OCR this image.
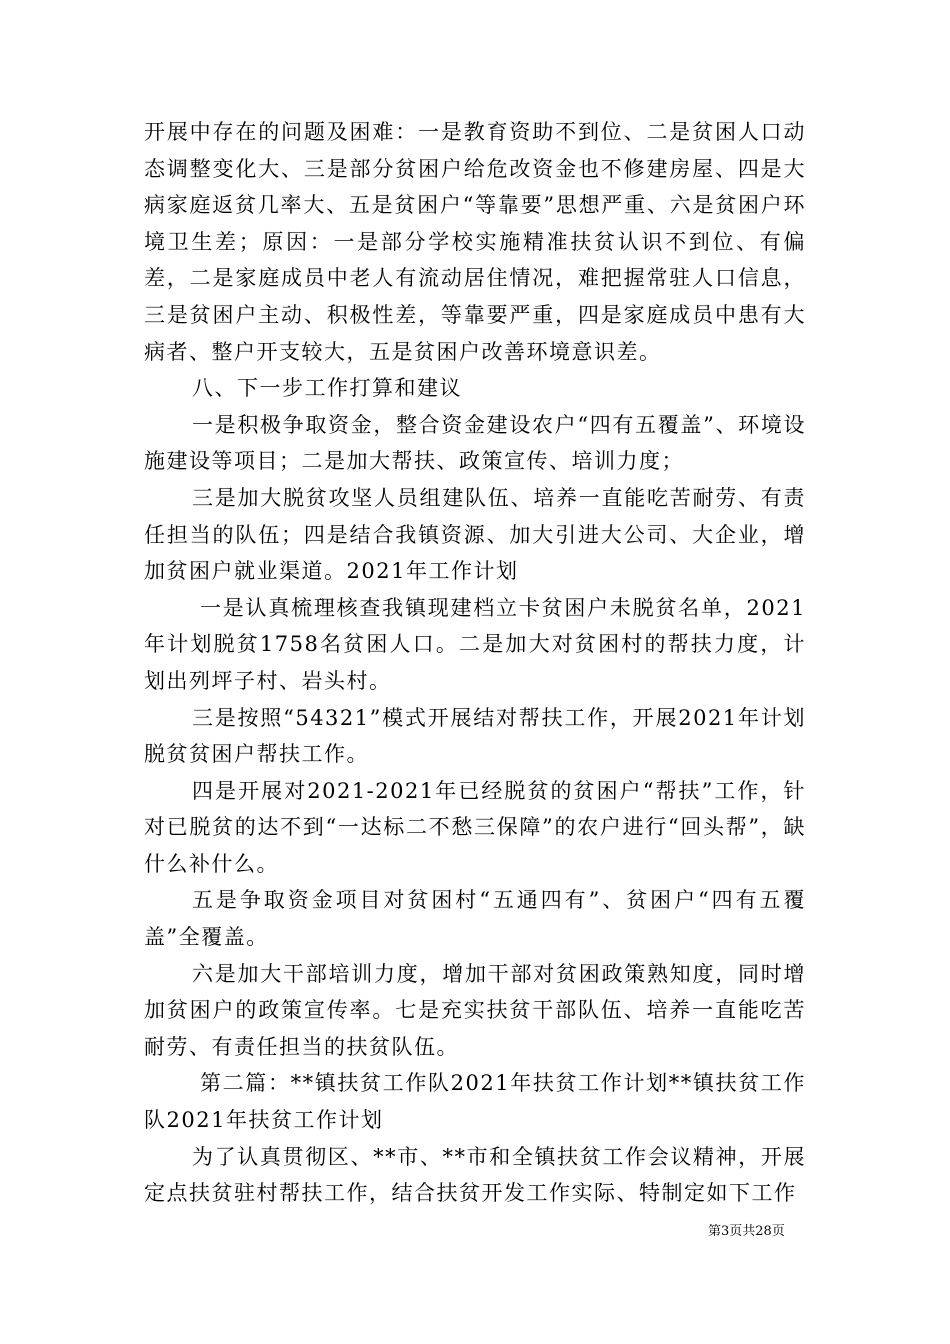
开展中存在的问题及困难：一是教育资助不到位、二是贫困人口动态调整变化大、三是部分贫困户给危改资金也不修建房屋、四是大病家庭返贫几率大、五是贫困户“等靠要”思想严重、六是贫困户环境卫生差；原因：一是部分学校实施精准扶贫认识不到位、有偏差，二是家庭成员中老人有流动居住情况，难把握常驻人口信息，三是贫困户主动、积极性差，等靠要严重，四是家庭成员中患有大病者、整户开支较大，五是贫困户改善环境意识差。

八、下一步工作打算和建议

一是积极争取资金，整合资金建设农户“四有五覆盖”、环境设施建设等项目；二是加大帮扶、政策宣传、培训力度；

三是加大脱贫攻坚人员组建队伍、培养一直能吃苦耐劳、有责任担当的队伍；四是结合我镇资源、加大引进大公司、大企业，增加贫困户就业渠道。2021年工作计划

一是认真梳理核查我镇现建档立卡贫困户未脱贫名单，2021年计划脱贫1758名贫困人口。二是加大对贫困村的帮扶力度，计划出列坪子村、岩头村。

三是按照“54321”模式开展结对帮扶工作，开展2021年计划脱贫贫困户帮扶工作。

四是开展对2021-2021年已经脱贫的贫困户“帮扶”工作，针对已脱贫的达不到“一达标二不愁三保障”的农户进行“回头帮”，缺什么补什么。

五是争取资金项目对贫困村“五通四有”、贫困户“四有五覆盖”全覆盖。

六是加大干部培训力度，增加干部对贫困政策熟知度，同时增加贫困户的政策宣传率。七是充实扶贫干部队伍、培养一直能吃苦耐劳、有责任担当的扶贫队伍。

第二篇：**镇扶贫工作队2021年扶贫工作计划**镇扶贫工作队2021年扶贫工作计划

为了认真贯彻区、**市、**市和全镇扶贫工作会议精神，开展定点扶贫驻村帮扶工作，结合扶贫开发工作实际、特制定如下工作

第3页共28页
